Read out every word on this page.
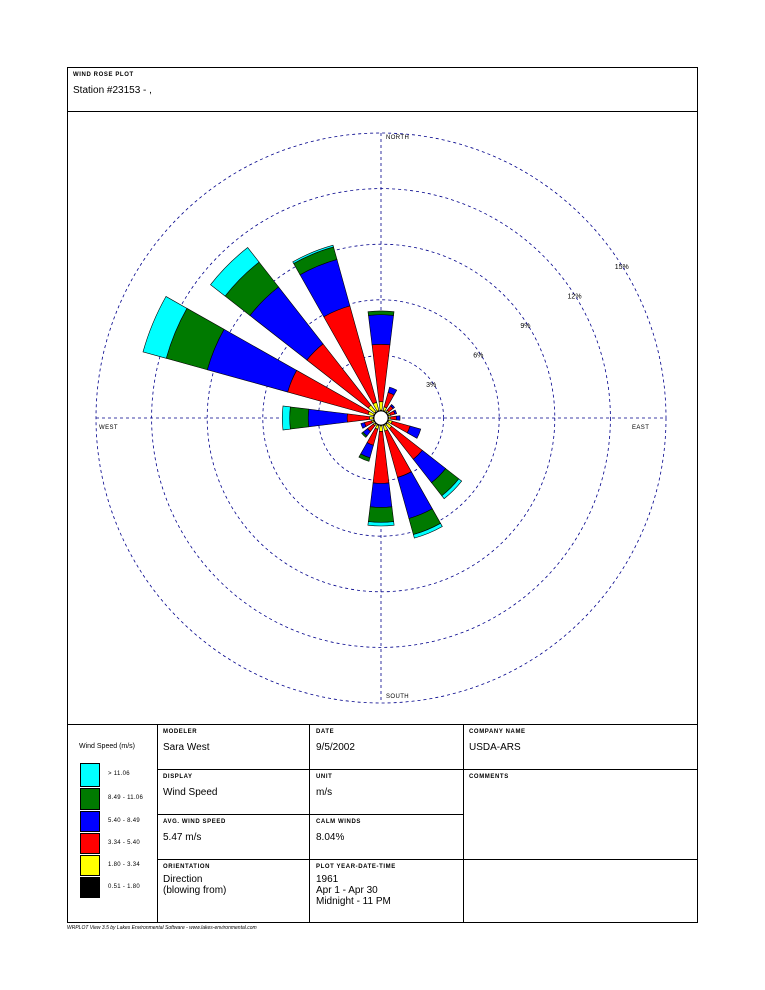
WIND ROSE PLOT
Station #23153 - ,
NORTH
SOUTH
EAST
WEST
3%
6%
9%
12%
15%
Wind Speed (m/s)
> 11.06
8.49 - 11.06
5.40 - 8.49
3.34 - 5.40
1.80 - 3.34
0.51 - 1.80
MODELER
Sara West
DATE
9/5/2002
COMPANY NAME
USDA-ARS
DISPLAY
Wind Speed
UNIT
m/s
COMMENTS
AVG. WIND SPEED
5.47 m/s
CALM WINDS
8.04%
ORIENTATION
Direction
(blowing from)
PLOT YEAR-DATE-TIME
1961
Apr 1 - Apr 30
Midnight - 11 PM
WRPLOT View 3.5 by Lakes Environmental Software - www.lakes-environmental.com
